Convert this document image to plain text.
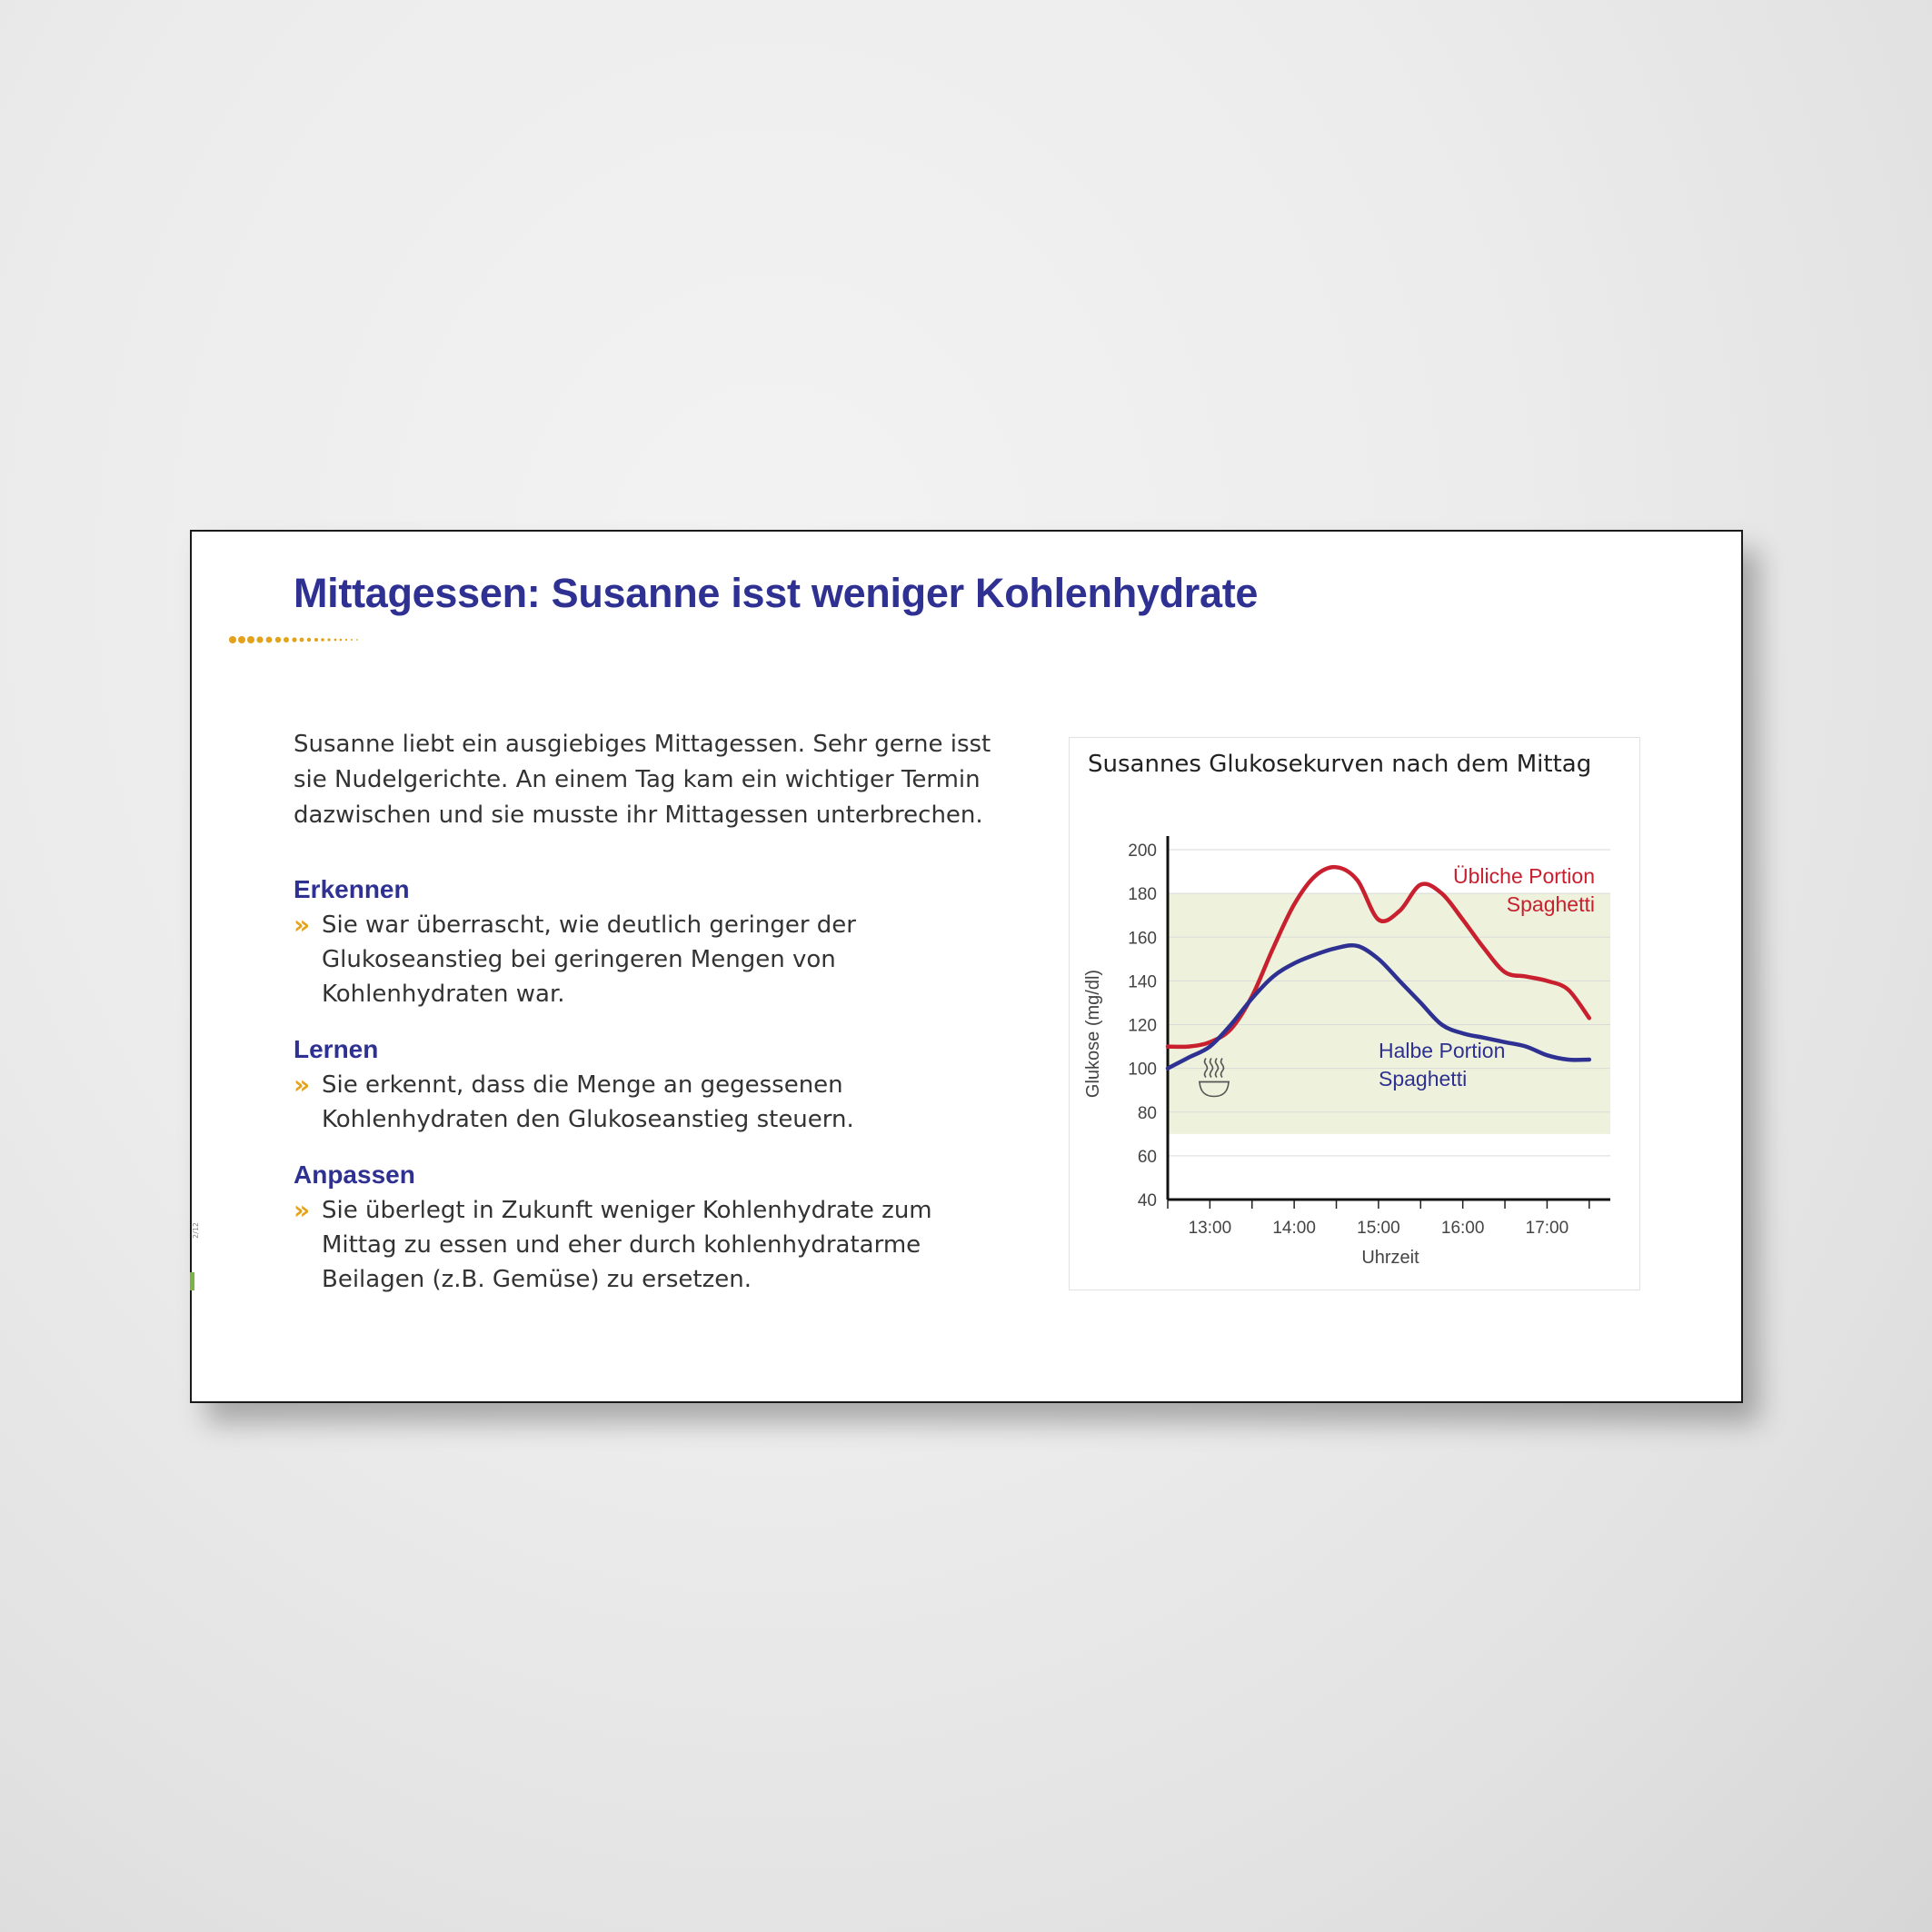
Mittagessen: Susanne isst weniger Kohlenhydrate
2/12

Susanne liebt ein ausgiebiges Mittagessen. Sehr gerne isst sie Nudelgerichte. An einem Tag kam ein wichtiger Termin dazwischen und sie musste ihr Mittagessen unterbrechen.

Erkennen

» Sie war überrascht, wie deutlich geringer der Glukoseanstieg bei geringeren Mengen von Kohlenhydraten war.

Lernen

» Sie erkennt, dass die Menge an gegessenen Kohlenhydraten den Glukoseanstieg steuern.

Anpassen

» Sie überlegt in Zukunft weniger Kohlenhydrate zum Mittag zu essen und eher durch kohlenhydratarme Beilagen (z.B. Gemüse) zu ersetzen.

Susannes Glukosekurven nach dem Mittag
40
60
80
100
120
140
160
180
200
13:00 14:00 15:00 16:00 17:00
Uhrzeit
Glukose (mg/dl)
Übliche Portion
Spaghetti
Halbe Portion
Spaghetti
